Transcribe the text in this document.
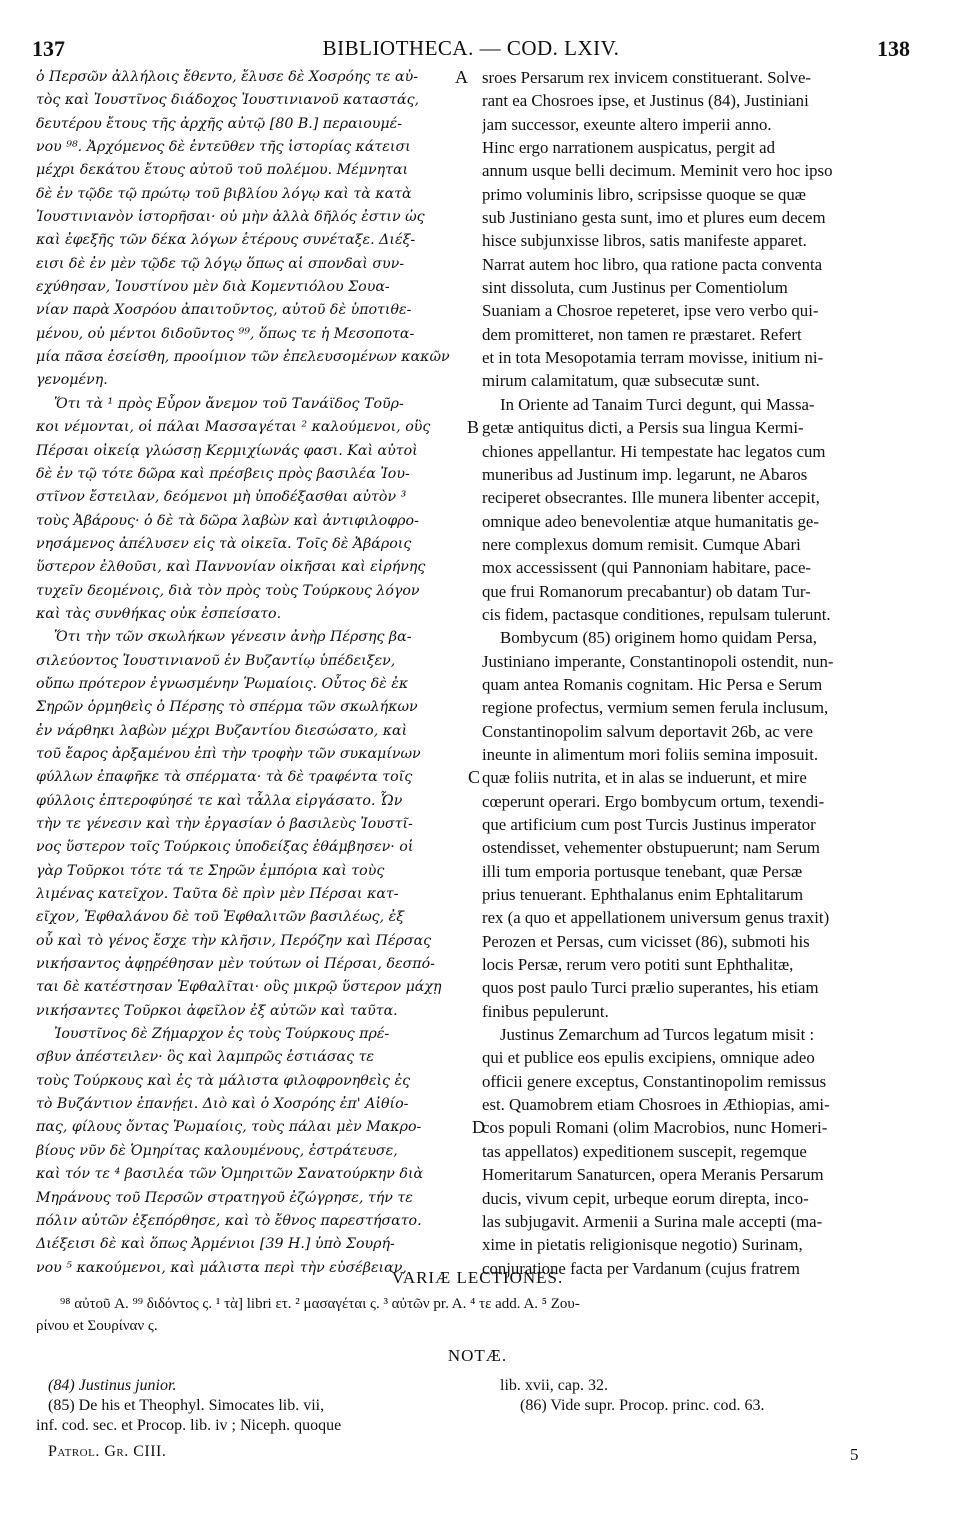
137	BIBLIOTHECA. — COD. LXIV.	138
ὁ Περσῶν ἀλλήλοις ἔθεντο, ἔλυσε δὲ Χοσρόης τε αὐ-
τὸς καὶ Ἰουστῖνος διάδοχος Ἰουστινιανοῦ καταστάς,
δευτέρου ἔτους τῆς ἀρχῆς αὐτῷ [80 B.] περαιουμέ-
νου ⁹⁸. Ἀρχόμενος δὲ ἐντεῦθεν τῆς ἱστορίας κάτεισι
μέχρι δεκάτου ἔτους αὐτοῦ τοῦ πολέμου. Μέμνηται
δὲ ἐν τῷδε τῷ πρώτῳ τοῦ βιβλίου λόγῳ καὶ τὰ κατὰ
Ἰουστινιανὸν ἱστορῆσαι· οὐ μὴν ἀλλὰ δῆλός ἐστιν ὡς
καὶ ἐφεξῆς τῶν δέκα λόγων ἑτέρους συνέταξε. Διέξ-
εισι δὲ ἐν μὲν τῷδε τῷ λόγῳ ὅπως αἱ σπονδαὶ συν-
εχύθησαν, Ἰουστίνου μὲν διὰ Κομεντιόλου Σουα-
νίαν παρὰ Χοσρόου ἀπαιτοῦντος, αὐτοῦ δὲ ὑποτιθε-
μένου, οὐ μέντοι διδοῦντος ⁹⁹, ὅπως τε ἡ Μεσοποτα-
μία πᾶσα ἐσείσθη, προοίμιον τῶν ἐπελευσομένων κακῶν
γενομένη.
Ὅτι τὰ ¹ πρὸς Εὖρον ἄνεμον τοῦ Τανάϊδος Τοῦρ-
κοι νέμονται, οἱ πάλαι Μασσαγέται ² καλούμενοι, οὓς
Πέρσαι οἰκείᾳ γλώσσῃ Κερμιχίωνάς φασι. Καὶ αὐτοὶ
δὲ ἐν τῷ τότε δῶρα καὶ πρέσβεις πρὸς βασιλέα Ἰου-
στῖνον ἔστειλαν, δεόμενοι μὴ ὑποδέξασθαι αὐτὸν ³
τοὺς Ἀβάρους· ὁ δὲ τὰ δῶρα λαβὼν καὶ ἀντιφιλοφρο-
νησάμενος ἀπέλυσεν εἰς τὰ οἰκεῖα. Τοῖς δὲ Ἀβάροις
ὕστερον ἐλθοῦσι, καὶ Παννονίαν οἰκῆσαι καὶ εἰρήνης
τυχεῖν δεομένοις, διὰ τὸν πρὸς τοὺς Τούρκους λόγον
καὶ τὰς συνθήκας οὐκ ἐσπείσατο.
Ὅτι τὴν τῶν σκωλήκων γένεσιν ἀνὴρ Πέρσης βα-
σιλεύοντος Ἰουστινιανοῦ ἐν Βυζαντίῳ ὑπέδειξεν,
οὔπω πρότερον ἐγνωσμένην Ῥωμαίοις. Οὗτος δὲ ἐκ
Σηρῶν ὁρμηθεὶς ὁ Πέρσης τὸ σπέρμα τῶν σκωλήκων
ἐν νάρθηκι λαβὼν μέχρι Βυζαντίου διεσώσατο, καὶ
τοῦ ἔαρος ἀρξαμένου ἐπὶ τὴν τροφὴν τῶν συκαμίνων
φύλλων ἐπαφῆκε τὰ σπέρματα· τὰ δὲ τραφέντα τοῖς
φύλλοις ἐπτεροφύησέ τε καὶ τἆλλα εἰργάσατο. Ὧν
τὴν τε γένεσιν καὶ τὴν ἐργασίαν ὁ βασιλεὺς Ἰουστῖ-
νος ὕστερον τοῖς Τούρκοις ὑποδείξας ἐθάμβησεν· οἱ
γὰρ Τοῦρκοι τότε τά τε Σηρῶν ἐμπόρια καὶ τοὺς
λιμένας κατεῖχον. Ταῦτα δὲ πρὶν μὲν Πέρσαι κατ-
εῖχον, Ἐφθαλάνου δὲ τοῦ Ἐφθαλιτῶν βασιλέως, ἐξ
οὗ καὶ τὸ γένος ἔσχε τὴν κλῆσιν, Περόζην καὶ Πέρσας
νικήσαντος ἀφῃρέθησαν μὲν τούτων οἱ Πέρσαι, δεσπό-
ται δὲ κατέστησαν Ἐφθαλῖται· οὓς μικρῷ ὕστερον μάχῃ
νικήσαντες Τοῦρκοι ἀφεῖλον ἐξ αὐτῶν καὶ ταῦτα.
Ἰουστῖνος δὲ Ζήμαρχον ἐς τοὺς Τούρκους πρέ-
σβυν ἀπέστειλεν· ὃς καὶ λαμπρῶς ἑστιάσας τε
τοὺς Τούρκους καὶ ἐς τὰ μάλιστα φιλοφρονηθεὶς ἐς
τὸ Βυζάντιον ἐπανῄει. Διὸ καὶ ὁ Χοσρόης ἐπ' Αἰθίο-
πας, φίλους ὄντας Ῥωμαίοις, τοὺς πάλαι μὲν Μακρο-
βίους νῦν δὲ Ὁμηρίτας καλουμένους, ἐστράτευσε,
καὶ τόν τε ⁴ βασιλέα τῶν Ὁμηριτῶν Σανατούρκην διὰ
Μηράνους τοῦ Περσῶν στρατηγοῦ ἐζώγρησε, τήν τε
πόλιν αὐτῶν ἐξεπόρθησε, καὶ τὸ ἔθνος παρεστήσατο.
Διέξεισι δὲ καὶ ὅπως Ἀρμένιοι [39 H.] ὑπὸ Σουρή-
νου ⁵ κακούμενοι, καὶ μάλιστα περὶ τὴν εὐσέβειαν,
sroes Persarum rex invicem constituerant. Solve-
rant ea Chosroes ipse, et Justinus (84), Justiniani
jam successor, exeunte altero imperii anno.
Hinc ergo narrationem auspicatus, pergit ad
annum usque belli decimum. Meminit vero hoc ipso
primo voluminis libro, scripsisse quoque se quæ
sub Justiniano gesta sunt, imo et plures eum decem
hisce subjunxisse libros, satis manifeste apparet.
Narrat autem hoc libro, qua ratione pacta conventa
sint dissoluta, cum Justinus per Comentiolum
Suaniam a Chosroe repeteret, ipse vero verbo qui-
dem promitteret, non tamen re præstaret. Refert
et in tota Mesopotamia terram movisse, initium ni-
mirum calamitatum, quæ subsecutæ sunt.
In Oriente ad Tanaim Turci degunt, qui Massa-
getæ antiquitus dicti, a Persis sua lingua Kermi-
chiones appellantur. Hi tempestate hac legatos cum
muneribus ad Justinum imp. legarunt, ne Abaros
reciperet obsecrantes. Ille munera libenter accepit,
omnique adeo benevolentiæ atque humanitatis ge-
nere complexus domum remisit. Cumque Abari
mox accessissent (qui Pannoniam habitare, pace-
que frui Romanorum precabantur) ob datam Tur-
cis fidem, pactasque conditiones, repulsam tulerunt.
Bombycum (85) originem homo quidam Persa,
Justiniano imperante, Constantinopoli ostendit, nun-
quam antea Romanis cognitam. Hic Persa e Serum
regione profectus, vermium semen ferula inclusum,
Constantinopolim salvum deportavit 26b, ac vere
ineunte in alimentum mori foliis semina imposuit.
quæ foliis nutrita, et in alas se induerunt, et mire
cœperunt operari. Ergo bombycum ortum, texendi-
que artificium cum post Turcis Justinus imperator
ostendisset, vehementer obstupuerunt; nam Serum
illi tum emporia portusque tenebant, quæ Persæ
prius tenuerant. Ephthalanus enim Ephtalitarum
rex (a quo et appellationem universum genus traxit)
Perozen et Persas, cum vicisset (86), submoti his
locis Persæ, rerum vero potiti sunt Ephthalitæ,
quos post paulo Turci prælio superantes, his etiam
finibus pepulerunt.
Justinus Zemarchum ad Turcos legatum misit :
qui et publice eos epulis excipiens, omnique adeo
officii genere exceptus, Constantinopolim remissus
est. Quamobrem etiam Chosroes in Æthiopias, ami-
cos populi Romani (olim Macrobios, nunc Homeri-
tas appellatos) expeditionem suscepit, regemque
Homeritarum Sanaturcen, opera Meranis Persarum
ducis, vivum cepit, urbeque eorum direpta, inco-
las subjugavit. Armenii a Surina male accepti (ma-
xime in pietatis religionisque negotio) Surinam,
conjuratione facta per Vardanum (cujus fratrem
A
B
C
D
VARIÆ LECTIONES.
⁹⁸ αὐτοῦ A. ⁹⁹ διδόντος ς. ¹ τὰ] libri ετ. ² μασαγέται ς. ³ αὐτῶν pr. A. ⁴ τε add. A. ⁵ Ζου-
ρίνου et Σουρίναν ς.
NOTÆ.
(84) Justinus junior.
(85) De his et Theophyl. Simocates lib. vii,
inf. cod. sec. et Procop. lib. iv ; Niceph. quoque
lib. xvii, cap. 32.
(86) Vide supr. Procop. princ. cod. 63.
Patrol. Gr. CIII.	5
